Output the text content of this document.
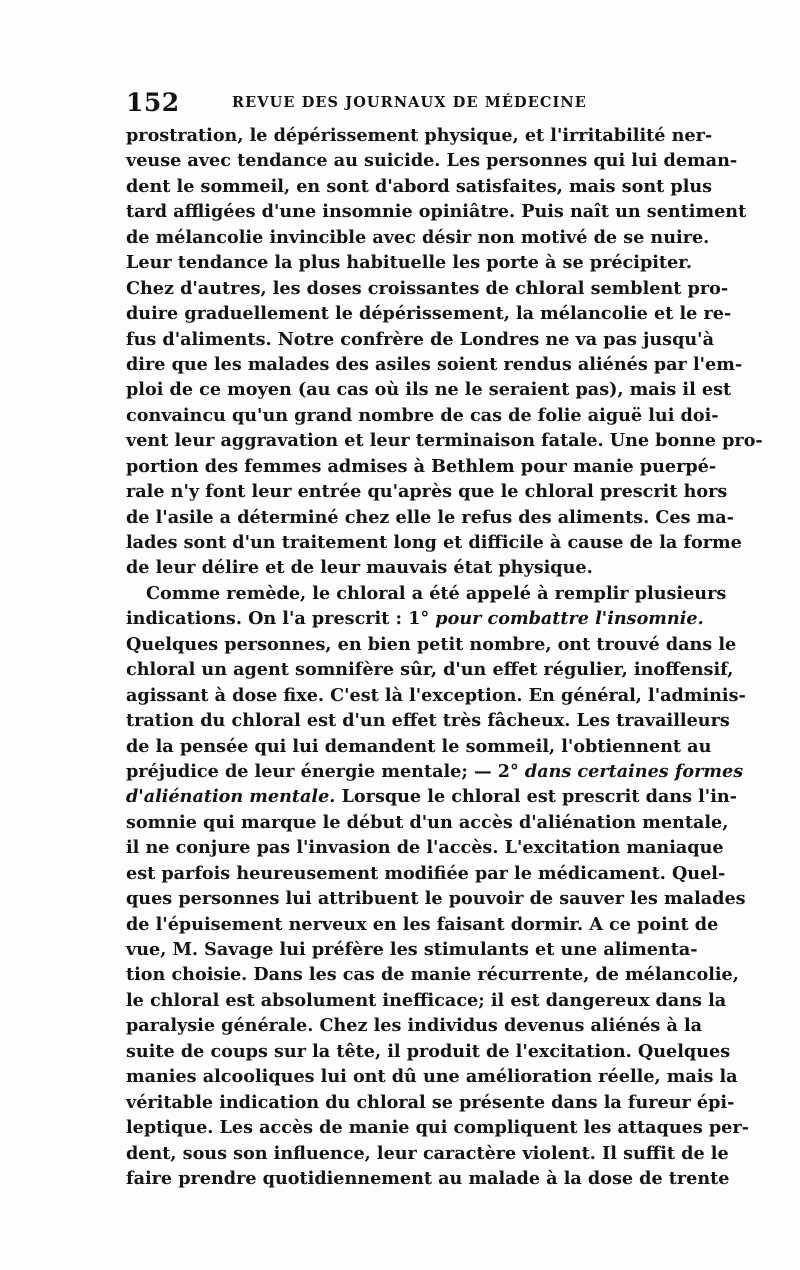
152	REVUE DES JOURNAUX DE MÉDECINE
prostration, le dépérissement physique, et l'irritabilité ner-
veuse avec tendance au suicide. Les personnes qui lui deman-
dent le sommeil, en sont d'abord satisfaites, mais sont plus
tard affligées d'une insomnie opiniâtre. Puis naît un sentiment
de mélancolie invincible avec désir non motivé de se nuire.
Leur tendance la plus habituelle les porte à se précipiter.
Chez d'autres, les doses croissantes de chloral semblent pro-
duire graduellement le dépérissement, la mélancolie et le re-
fus d'aliments. Notre confrère de Londres ne va pas jusqu'à
dire que les malades des asiles soient rendus aliénés par l'em-
ploi de ce moyen (au cas où ils ne le seraient pas), mais il est
convaincu qu'un grand nombre de cas de folie aiguë lui doi-
vent leur aggravation et leur terminaison fatale. Une bonne pro-
portion des femmes admises à Bethlem pour manie puerpé-
rale n'y font leur entrée qu'après que le chloral prescrit hors
de l'asile a déterminé chez elle le refus des aliments. Ces ma-
lades sont d'un traitement long et difficile à cause de la forme
de leur délire et de leur mauvais état physique.
Comme remède, le chloral a été appelé à remplir plusieurs
indications. On l'a prescrit : 1° pour combattre l'insomnie.
Quelques personnes, en bien petit nombre, ont trouvé dans le
chloral un agent somnifère sûr, d'un effet régulier, inoffensif,
agissant à dose fixe. C'est là l'exception. En général, l'adminis-
tration du chloral est d'un effet très fâcheux. Les travailleurs
de la pensée qui lui demandent le sommeil, l'obtiennent au
préjudice de leur énergie mentale; — 2° dans certaines formes
d'aliénation mentale. Lorsque le chloral est prescrit dans l'in-
somnie qui marque le début d'un accès d'aliénation mentale,
il ne conjure pas l'invasion de l'accès. L'excitation maniaque
est parfois heureusement modifiée par le médicament. Quel-
ques personnes lui attribuent le pouvoir de sauver les malades
de l'épuisement nerveux en les faisant dormir. A ce point de
vue, M. Savage lui préfère les stimulants et une alimenta-
tion choisie. Dans les cas de manie récurrente, de mélancolie,
le chloral est absolument inefficace; il est dangereux dans la
paralysie générale. Chez les individus devenus aliénés à la
suite de coups sur la tête, il produit de l'excitation. Quelques
manies alcooliques lui ont dû une amélioration réelle, mais la
véritable indication du chloral se présente dans la fureur épi-
leptique. Les accès de manie qui compliquent les attaques per-
dent, sous son influence, leur caractère violent. Il suffit de le
faire prendre quotidiennement au malade à la dose de trente
